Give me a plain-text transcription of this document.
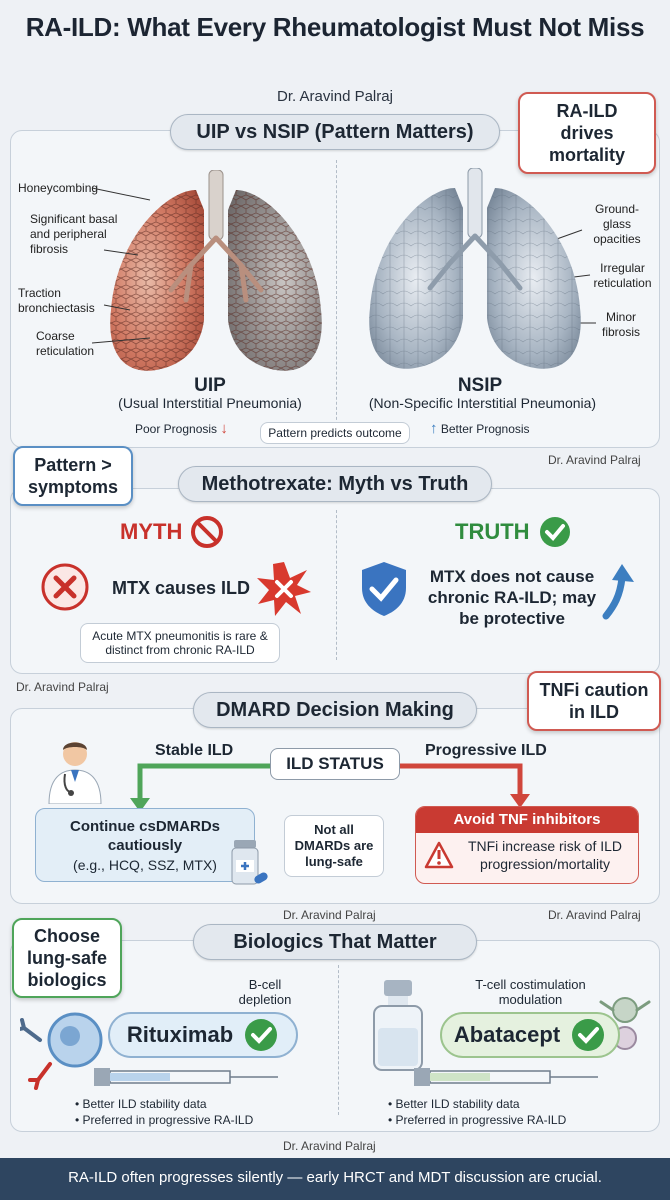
RA-ILD: What Every Rheumatologist Must Not Miss
Dr. Aravind Palraj
UIP vs NSIP (Pattern Matters)
RA-ILD drives mortality
Honeycombing
Significant basal and peripheral fibrosis
Traction bronchiectasis
Coarse reticulation
Ground-glass opacities
Irregular reticulation
Minor fibrosis
UIP
(Usual Interstitial Pneumonia)
NSIP
(Non-Specific Interstitial Pneumonia)
Poor Prognosis ↓	Pattern predicts outcome	↑ Better Prognosis
Dr. Aravind Palraj
Methotrexate: Myth vs Truth
Pattern > symptoms
MYTH	TRUTH
MTX causes ILD
Acute MTX pneumonitis is rare & distinct from chronic RA-ILD
MTX does not cause chronic RA-ILD; may be protective
Dr. Aravind Palraj
DMARD Decision Making
TNFi caution in ILD
Stable ILD	Progressive ILD
ILD STATUS
Continue csDMARDs cautiously
(e.g., HCQ, SSZ, MTX)
Not all DMARDs are lung-safe
Avoid TNF inhibitors
TNFi increase risk of ILD progression/mortality
Dr. Aravind Palraj	Dr. Aravind Palraj
Biologics That Matter
Choose lung-safe biologics	B-cell depletion
Rituximab
• Better ILD stability data
• Preferred in progressive RA-ILD
T-cell costimulation modulation
Abatacept
• Better ILD stability data
• Preferred in progressive RA-ILD
Dr. Aravind Palraj
RA-ILD often progresses silently — early HRCT and MDT discussion are crucial.
